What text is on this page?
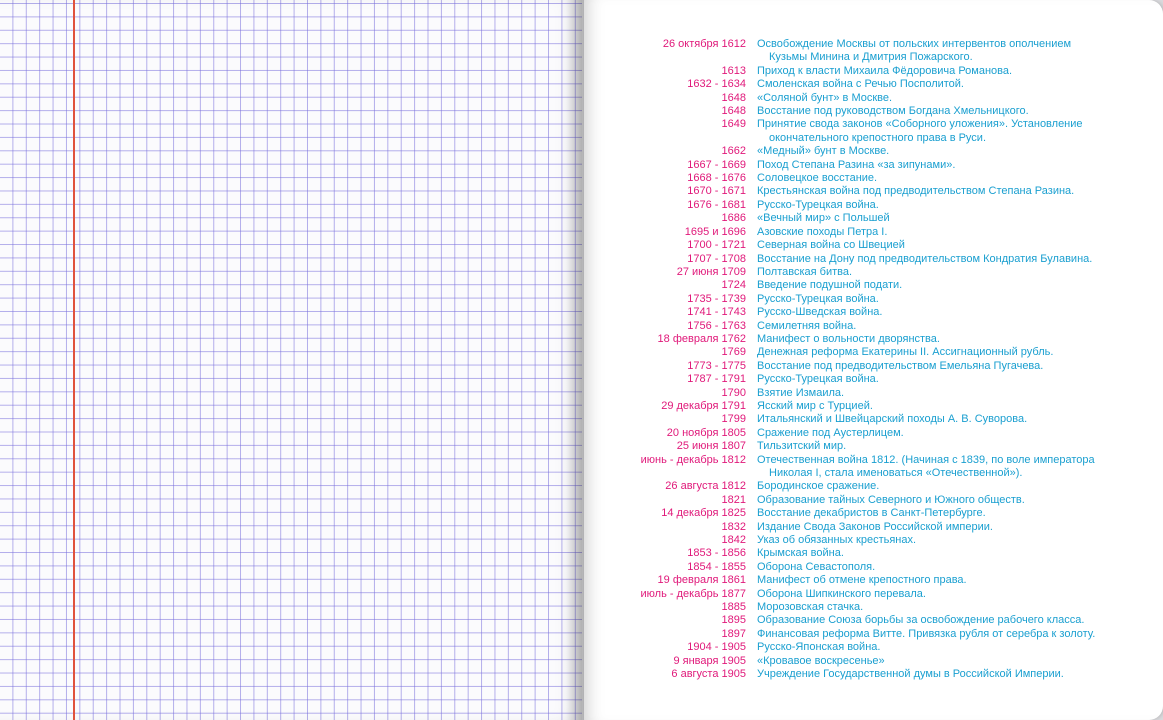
26 октября 1612	Освобождение Москвы от польских интервентов ополчением
Кузьмы Минина и Дмитрия Пожарского.
1613	Приход к власти Михаила Фёдоровича Романова.
1632 - 1634	Смоленская война с Речью Посполитой.
1648	«Соляной бунт» в Москве.
1648	Восстание под руководством Богдана Хмельницкого.
1649	Принятие свода законов «Соборного уложения». Установление
окончательного крепостного права в Руси.
1662	«Медный» бунт в Москве.
1667 - 1669	Поход Степана Разина «за зипунами».
1668 - 1676	Соловецкое восстание.
1670 - 1671	Крестьянская война под предводительством Степана Разина.
1676 - 1681	Русско-Турецкая война.
1686	«Вечный мир» с Польшей
1695 и 1696	Азовские походы Петра I.
1700 - 1721	Северная война со Швецией
1707 - 1708	Восстание на Дону под предводительством Кондратия Булавина.
27 июня 1709	Полтавская битва.
1724	Введение подушной подати.
1735 - 1739	Русско-Турецкая война.
1741 - 1743	Русско-Шведская война.
1756 - 1763	Семилетняя война.
18 февраля 1762	Манифест о вольности дворянства.
1769	Денежная реформа Екатерины II. Ассигнационный рубль.
1773 - 1775	Восстание под предводительством Емельяна Пугачева.
1787 - 1791	Русско-Турецкая война.
1790	Взятие Измаила.
29 декабря 1791	Ясский мир с Турцией.
1799	Итальянский и Швейцарский походы А. В. Суворова.
20 ноября 1805	Сражение под Аустерлицем.
25 июня 1807	Тильзитский мир.
июнь - декабрь 1812	Отечественная война 1812. (Начиная с 1839, по воле императора
Николая I, стала именоваться «Отечественной»).
26 августа 1812	Бородинское сражение.
1821	Образование тайных Северного и Южного обществ.
14 декабря 1825	Восстание декабристов в Санкт-Петербурге.
1832	Издание Свода Законов Российской империи.
1842	Указ об обязанных крестьянах.
1853 - 1856	Крымская война.
1854 - 1855	Оборона Севастополя.
19 февраля 1861	Манифест об отмене крепостного права.
июль - декабрь 1877	Оборона Шипкинского перевала.
1885	Морозовская стачка.
1895	Образование Союза борьбы за освобождение рабочего класса.
1897	Финансовая реформа Витте. Привязка рубля от серебра к золоту.
1904 - 1905	Русско-Японская война.
9 января 1905	«Кровавое воскресенье»
6 августа 1905	Учреждение Государственной думы в Российской Империи.
